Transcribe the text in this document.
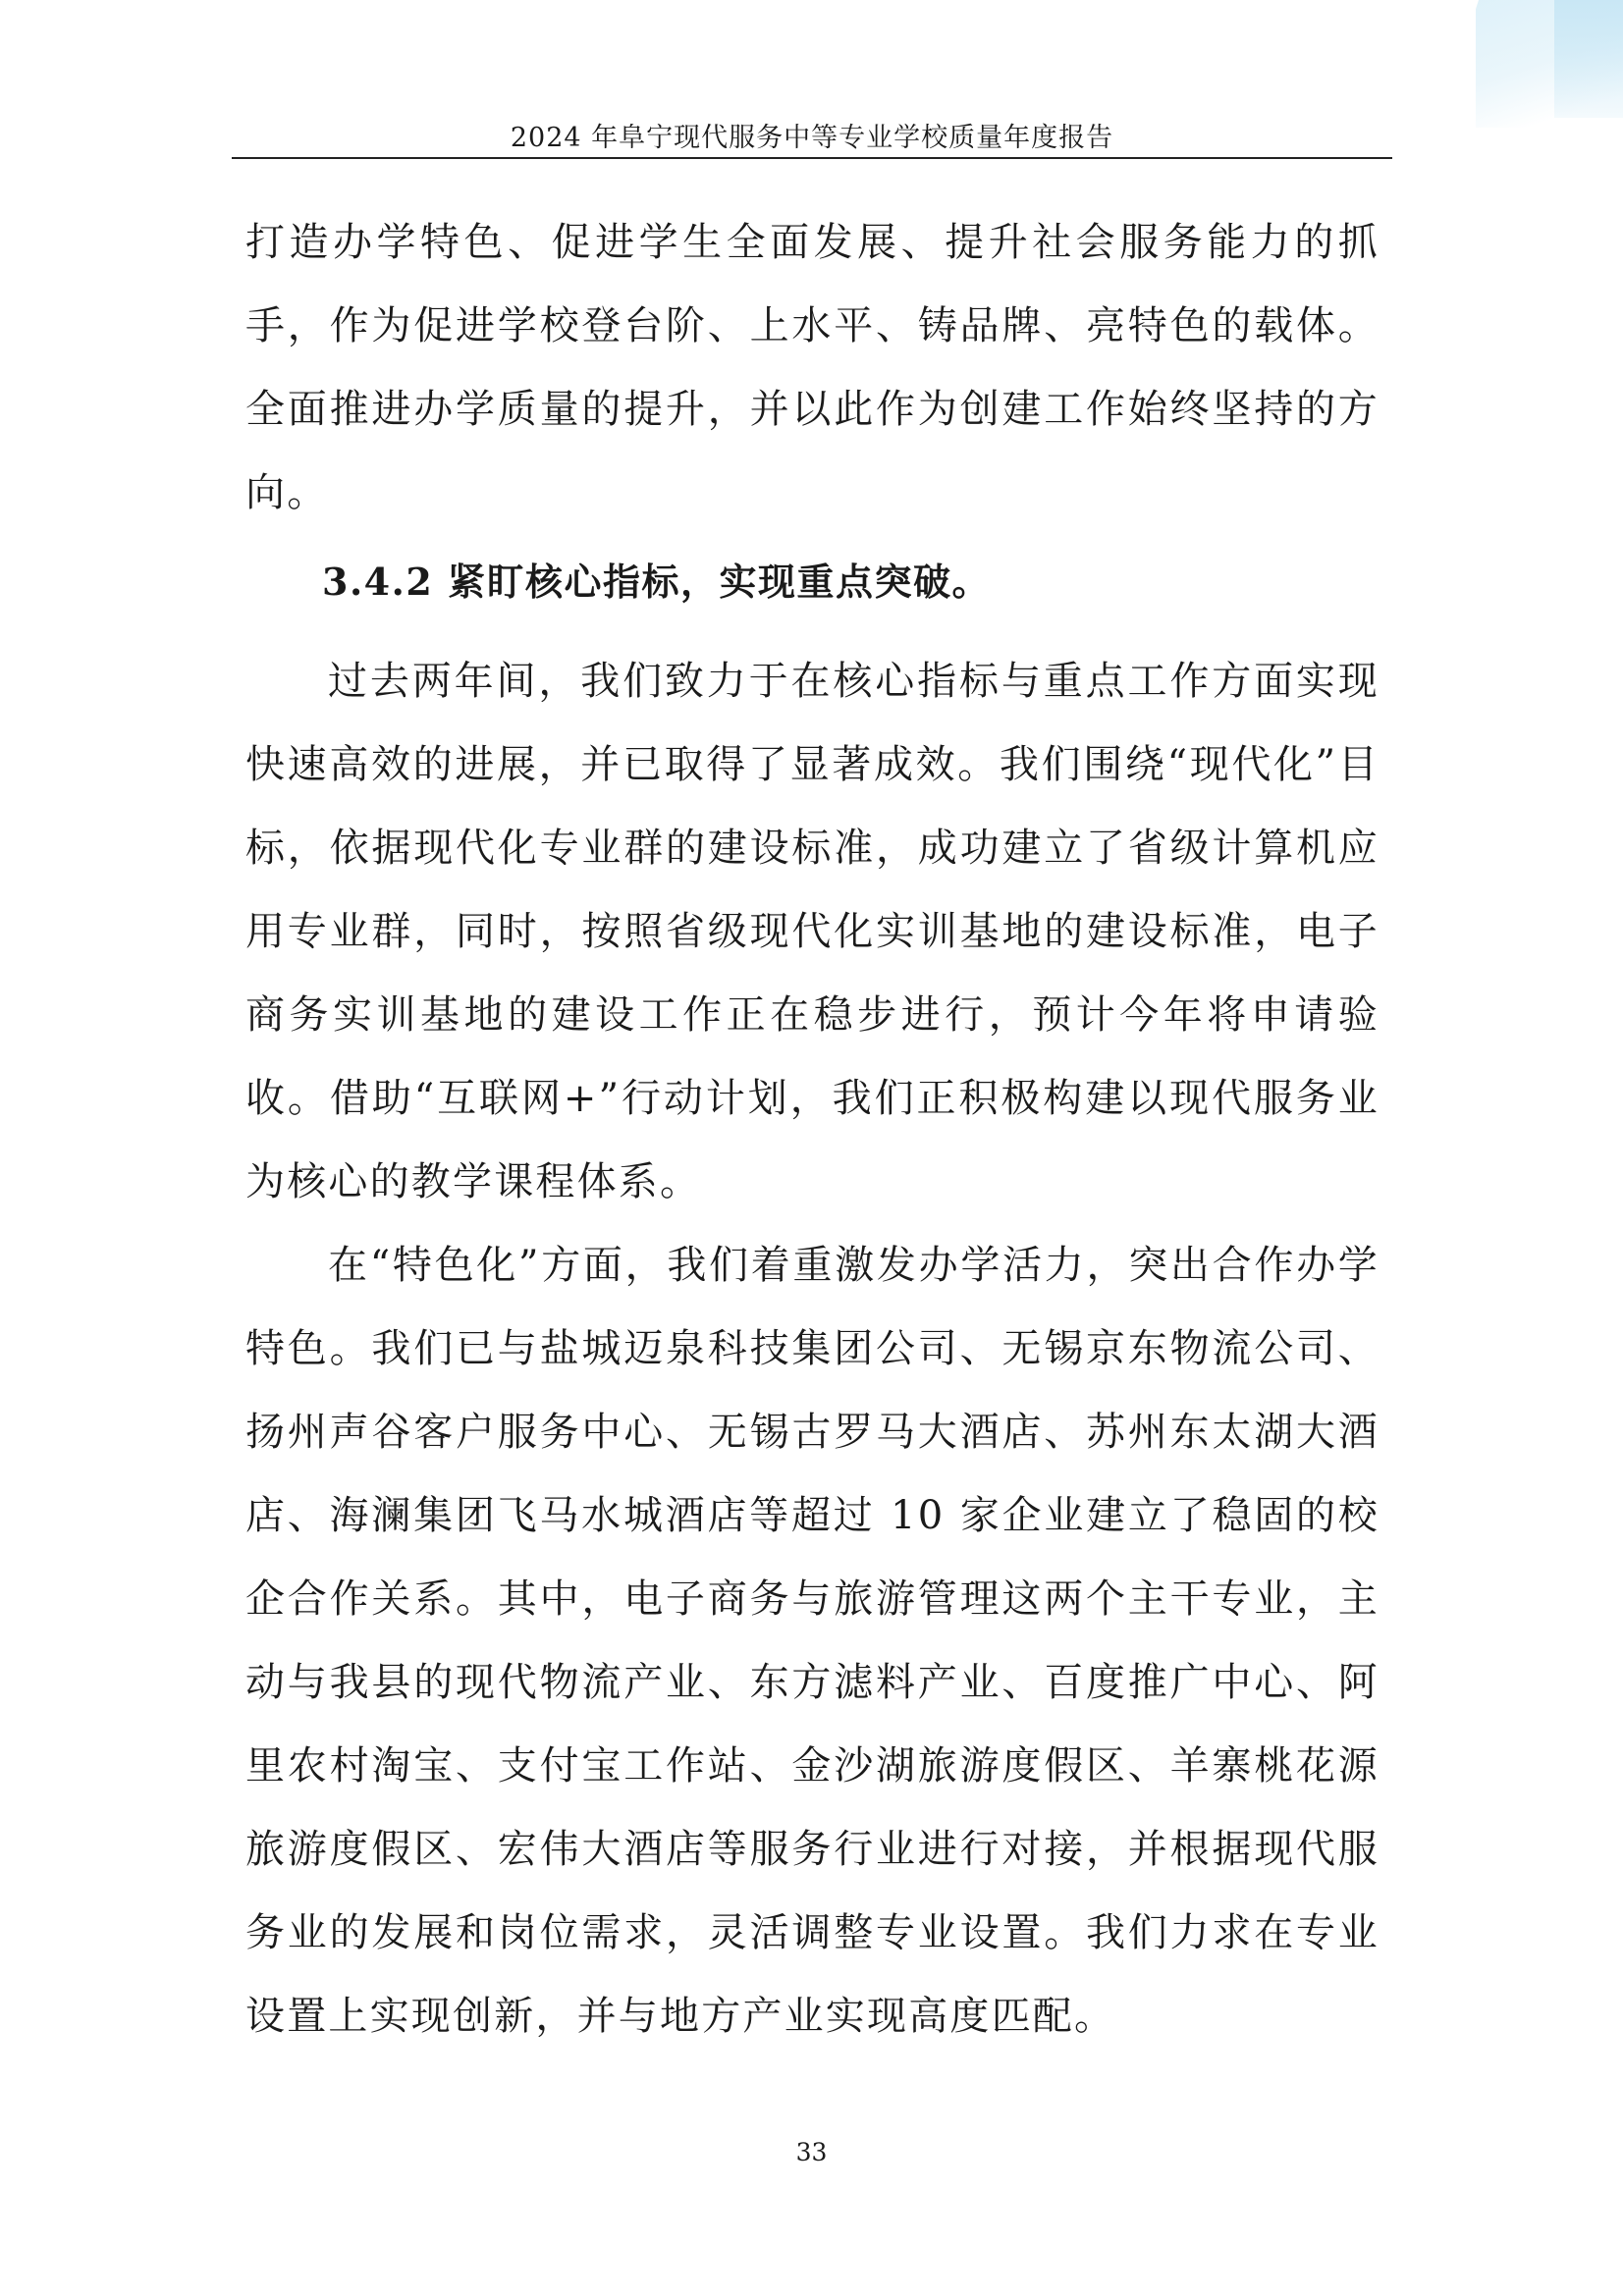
2024 年阜宁现代服务中等专业学校质量年度报告

打造办学特色、促进学生全面发展、提升社会服务能力的抓手，作为促进学校登台阶、上水平、铸品牌、亮特色的载体。全面推进办学质量的提升，并以此作为创建工作始终坚持的方向。

3.4.2 紧盯核心指标，实现重点突破。

过去两年间，我们致力于在核心指标与重点工作方面实现快速高效的进展，并已取得了显著成效。我们围绕“现代化”目标，依据现代化专业群的建设标准，成功建立了省级计算机应用专业群，同时，按照省级现代化实训基地的建设标准，电子商务实训基地的建设工作正在稳步进行，预计今年将申请验收。借助“互联网+”行动计划，我们正积极构建以现代服务业为核心的教学课程体系。

在“特色化”方面，我们着重激发办学活力，突出合作办学特色。我们已与盐城迈泉科技集团公司、无锡京东物流公司、扬州声谷客户服务中心、无锡古罗马大酒店、苏州东太湖大酒店、海澜集团飞马水城酒店等超过 10 家企业建立了稳固的校企合作关系。其中，电子商务与旅游管理这两个主干专业，主动与我县的现代物流产业、东方滤料产业、百度推广中心、阿里农村淘宝、支付宝工作站、金沙湖旅游度假区、羊寨桃花源旅游度假区、宏伟大酒店等服务行业进行对接，并根据现代服务业的发展和岗位需求，灵活调整专业设置。我们力求在专业设置上实现创新，并与地方产业实现高度匹配。

33
